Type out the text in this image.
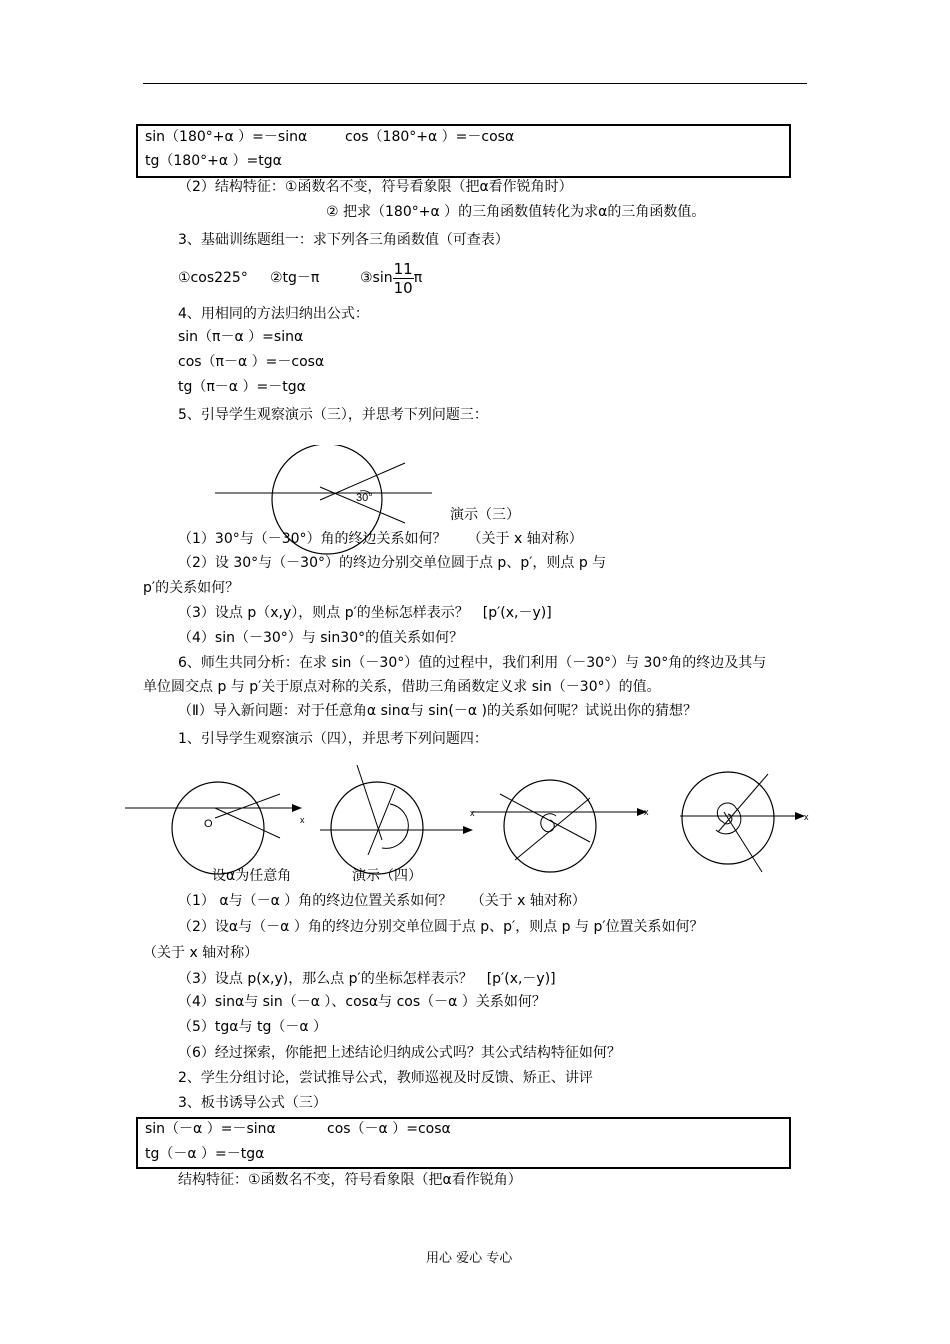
sin（180°+α ）=－sinα	cos（180°+α ）=－cosα
tg（180°+α ）=tgα
（2）结构特征：①函数名不变，符号看象限（把α看作锐角时）
② 把求（180°+α ）的三角函数值转化为求α的三角函数值。
3、基础训练题组一：求下列各三角函数值（可查表）
①cos225° ②tg－π	③sin $\frac{11}{10}$ π
4、用相同的方法归纳出公式：
sin（π－α ）=sinα
cos（π－α ）=－cosα
tg（π－α ）=－tgα
5、引导学生观察演示（三），并思考下列问题三：
30°
演示（三）
（1）30°与（－30°）角的终边关系如何？　　（关于 x 轴对称）
（2）设 30°与（－30°）的终边分别交单位圆于点 p、p′，则点 p 与
p′的关系如何？
（3）设点 p（x,y），则点 p′的坐标怎样表示？　[p′(x,－y)]
（4）sin（－30°）与 sin30°的值关系如何？
6、师生共同分析：在求 sin（－30°）值的过程中，我们利用（－30°）与 30°角的终边及其与
单位圆交点 p 与 p′关于原点对称的关系，借助三角函数定义求 sin（－30°）的值。
（Ⅱ）导入新问题：对于任意角α sinα与 sin(－α )的关系如何呢？试说出你的猜想？
1、引导学生观察演示（四），并思考下列问题四：
O	x
x	x	x
设α为任意角	演示（四）
（1） α与（－α ）角的终边位置关系如何？　 （关于 x 轴对称）
（2）设α与（－α ）角的终边分别交单位圆于点 p、p′，则点 p 与 p′位置关系如何？
（关于 x 轴对称）
（3）设点 p(x,y)，那么点 p′的坐标怎样表示？　[p′(x,－y)]
（4）sinα与 sin（－α ）、cosα与 cos（－α ）关系如何？
（5）tgα与 tg（－α ）
（6）经过探索，你能把上述结论归纳成公式吗？其公式结构特征如何？
2、学生分组讨论，尝试推导公式，教师巡视及时反馈、矫正、讲评
3、板书诱导公式（三）
sin（－α ）=－sinα	cos（－α ）=cosα
tg（－α ）=－tgα
结构特征：①函数名不变，符号看象限（把α看作锐角）
用心 爱心 专心
